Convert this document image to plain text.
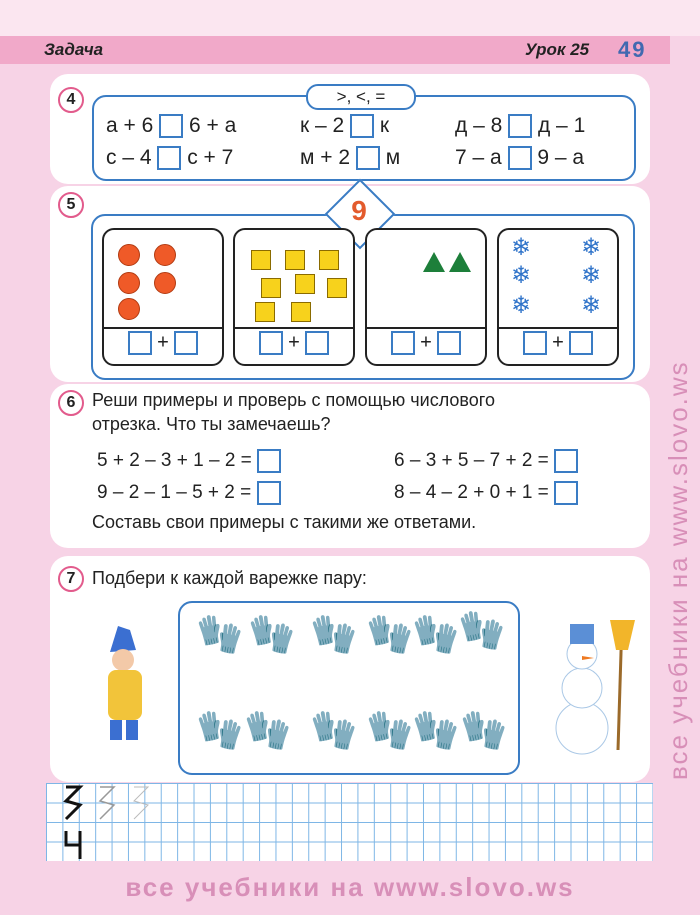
Задача	Урок 25 49
4	>, <, =
а + 6 6 + а	к – 2 к	д – 8 д – 1
с – 4 с + 7	м + 2 м	7 – а 9 – а
5	9
+	+	+
❄
❄
❄
❄
❄
❄
+
6 Реши примеры и проверь с помощью числового
отрезка. Что ты замечаешь?
5 + 2 – 3 + 1 – 2 =	6 – 3 + 5 – 7 + 2 =
9 – 2 – 1 – 5 + 2 =	8 – 4 – 2 + 0 + 1 =
Составь свои примеры с такими же ответами.
7 Подбери к каждой варежке пару:
🧤 🧤 🧤 🧤
🧤
🧤
🧤 🧤 🧤 🧤
🧤 🧤
все учебники на www.slovo.ws
все учебники на www.slovo.ws
